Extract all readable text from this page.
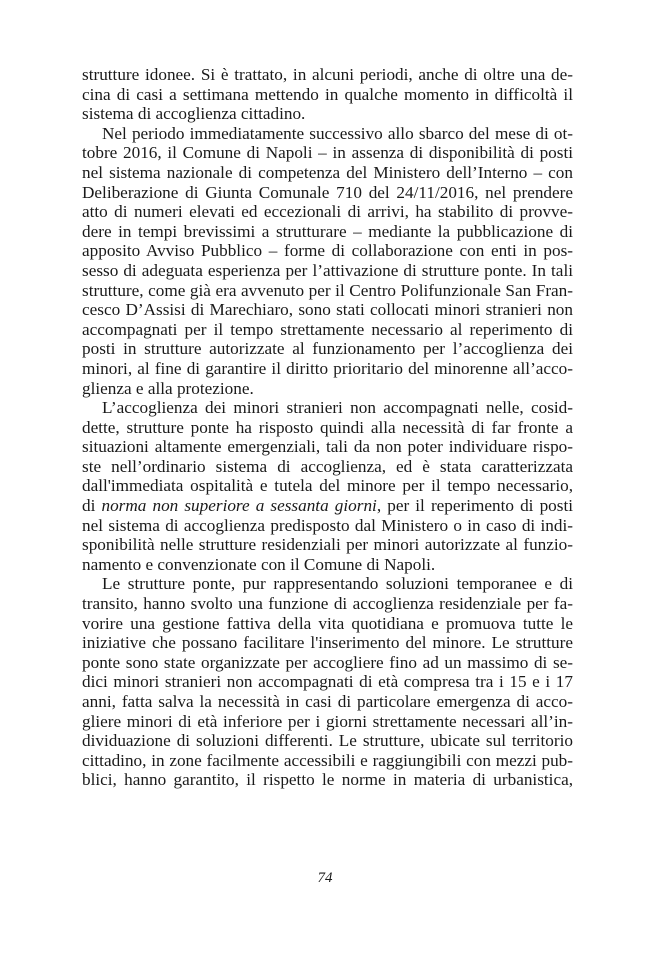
strutture idonee. Si è trattato, in alcuni periodi, anche di oltre una de-
cina di casi a settimana mettendo in qualche momento in difficoltà il
sistema di accoglienza cittadino.
Nel periodo immediatamente successivo allo sbarco del mese di ot-
tobre 2016, il Comune di Napoli – in assenza di disponibilità di posti
nel sistema nazionale di competenza del Ministero dell’Interno – con
Deliberazione di Giunta Comunale 710 del 24/11/2016, nel prendere
atto di numeri elevati ed eccezionali di arrivi, ha stabilito di provve-
dere in tempi brevissimi a strutturare – mediante la pubblicazione di
apposito Avviso Pubblico – forme di collaborazione con enti in pos-
sesso di adeguata esperienza per l’attivazione di strutture ponte. In tali
strutture, come già era avvenuto per il Centro Polifunzionale San Fran-
cesco D’Assisi di Marechiaro, sono stati collocati minori stranieri non
accompagnati per il tempo strettamente necessario al reperimento di
posti in strutture autorizzate al funzionamento per l’accoglienza dei
minori, al fine di garantire il diritto prioritario del minorenne all’acco-
glienza e alla protezione.
L’accoglienza dei minori stranieri non accompagnati nelle, cosid-
dette, strutture ponte ha risposto quindi alla necessità di far fronte a
situazioni altamente emergenziali, tali da non poter individuare rispo-
ste nell’ordinario sistema di accoglienza, ed è stata caratterizzata
dall'immediata ospitalità e tutela del minore per il tempo necessario,
di norma non superiore a sessanta giorni, per il reperimento di posti
nel sistema di accoglienza predisposto dal Ministero o in caso di indi-
sponibilità nelle strutture residenziali per minori autorizzate al funzio-
namento e convenzionate con il Comune di Napoli.
Le strutture ponte, pur rappresentando soluzioni temporanee e di
transito, hanno svolto una funzione di accoglienza residenziale per fa-
vorire una gestione fattiva della vita quotidiana e promuova tutte le
iniziative che possano facilitare l'inserimento del minore. Le strutture
ponte sono state organizzate per accogliere fino ad un massimo di se-
dici minori stranieri non accompagnati di età compresa tra i 15 e i 17
anni, fatta salva la necessità in casi di particolare emergenza di acco-
gliere minori di età inferiore per i giorni strettamente necessari all’in-
dividuazione di soluzioni differenti. Le strutture, ubicate sul territorio
cittadino, in zone facilmente accessibili e raggiungibili con mezzi pub-
blici, hanno garantito, il rispetto le norme in materia di urbanistica,
74
